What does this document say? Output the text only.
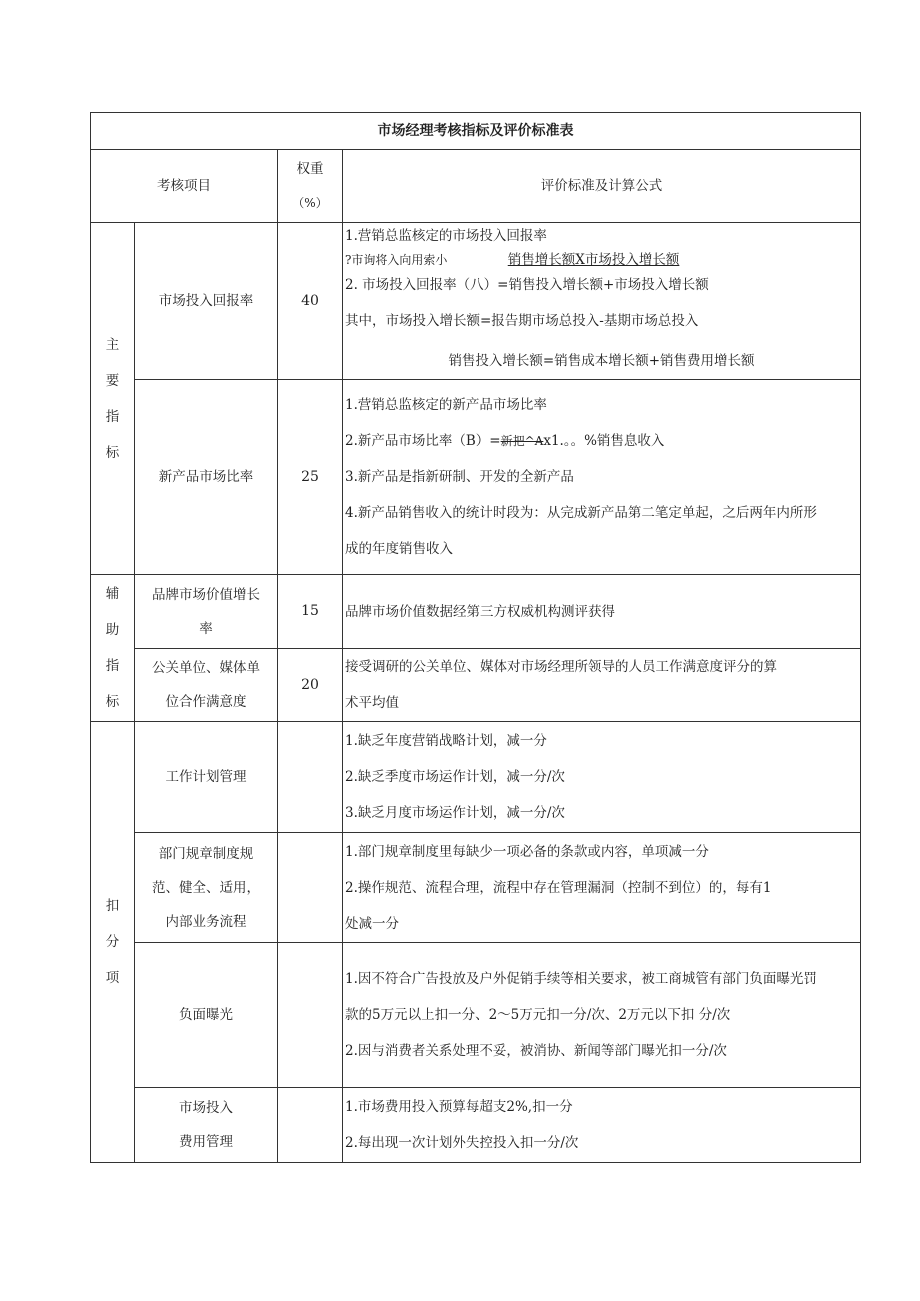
市场经理考核指标及评价标准表			
考核项目		权重
（%）	评价标准及计算公式

主
要
指
标	市场投入回报率	40	1.营销总监核定的市场投入回报率
?市询将入向用索小 销售增长额X市场投入增长额
2. 市场投入回报率（八）=销售投入增长额+市场投入增长额
其中，市场投入增长额=报告期市场总投入-基期市场总投入
销售投入增长额=销售成本增长额+销售费用增长额

	新产品市场比率	25	1.营销总监核定的新产品市场比率
2.新产品市场比率（B）=新把^Ax1.。。%销售息收入
3.新产品是指新研制、开发的全新产品
4.新产品销售收入的统计时段为：从完成新产品第二笔定单起，之后两年内所形
成的年度销售收入

辅
助
指
标	品牌市场价值增长
率	15	品牌市场价值数据经第三方权威机构测评获得

	公关单位、媒体单
位合作满意度	20	接受调研的公关单位、媒体对市场经理所领导的人员工作满意度评分的算
术平均值

扣
分
项	工作计划管理		1.缺乏年度营销战略计划，减一分
2.缺乏季度市场运作计划，减一分/次
3.缺乏月度市场运作计划，减一分/次

	部门规章制度规
范、健全、适用，
内部业务流程		1.部门规章制度里每缺少一项必备的条款或内容，单项减一分
2.操作规范、流程合理，流程中存在管理漏洞（控制不到位）的，每有1
处减一分

	负面曝光		1.因不符合广告投放及户外促销手续等相关要求，被工商城管有部门负面曝光罚
款的5万元以上扣一分、2〜5万元扣一分/次、2万元以下扣 分/次
2.因与消费者关系处理不妥，被消协、新闻等部门曝光扣一分/次

	市场投入
费用管理		1.市场费用投入预算每超支2%,扣一分
2.每出现一次计划外失控投入扣一分/次
